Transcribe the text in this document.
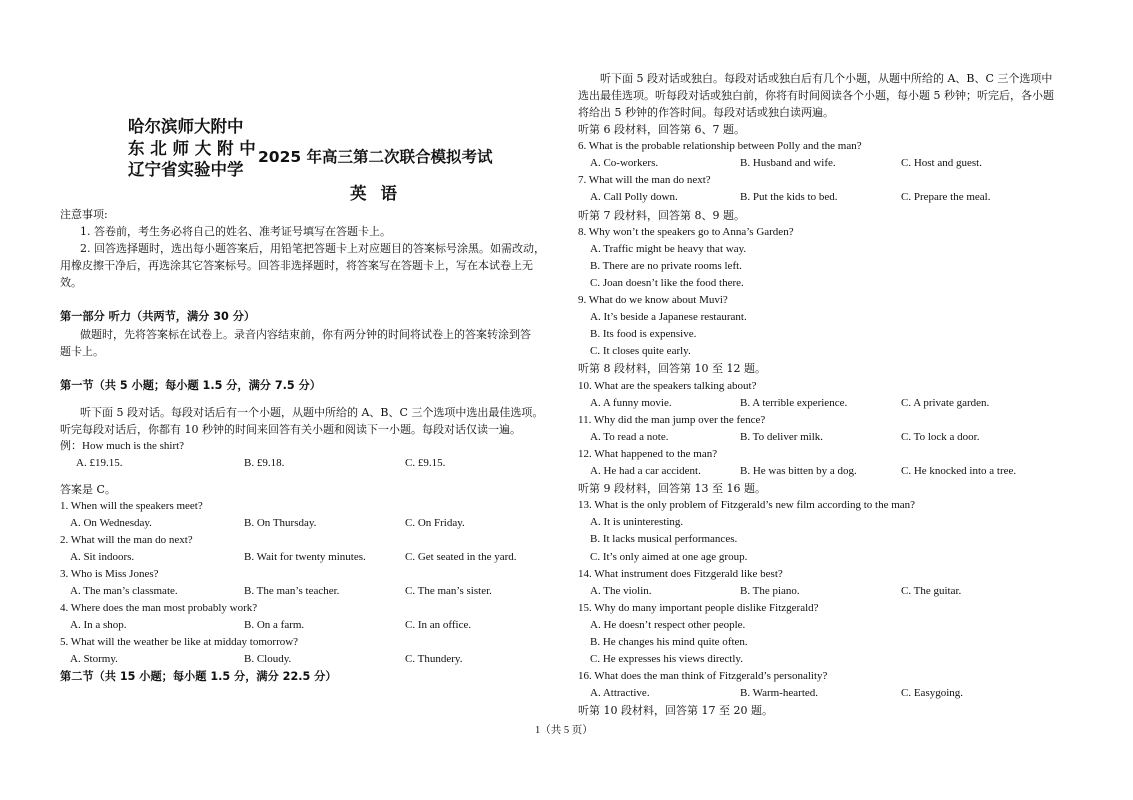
哈尔滨师大附中
东 北 师 大 附 中
辽宁省实验中学
2025 年高三第二次联合模拟考试
英语
注意事项:
1. 答卷前，考生务必将自己的姓名、准考证号填写在答题卡上。
2. 回答选择题时，选出每小题答案后，用铅笔把答题卡上对应题目的答案标号涂黑。如需改动，
用橡皮擦干净后，再选涂其它答案标号。回答非选择题时，将答案写在答题卡上，写在本试卷上无
效。
第一部分 听力（共两节，满分 30 分）
做题时，先将答案标在试卷上。录音内容结束前，你有两分钟的时间将试卷上的答案转涂到答
题卡上。
第一节（共 5 小题；每小题 1.5 分，满分 7.5 分）
听下面 5 段对话。每段对话后有一个小题，从题中所给的 A、B、C 三个选项中选出最佳选项。
听完每段对话后，你都有 10 秒钟的时间来回答有关小题和阅读下一小题。每段对话仅读一遍。
例：How much is the shirt?
A. £19.15.	B. £9.18.	C. £9.15.
答案是 C。
1. When will the speakers meet?
A. On Wednesday.	B. On Thursday.	C. On Friday.
2. What will the man do next?
A. Sit indoors.	B. Wait for twenty minutes.	C. Get seated in the yard.
3. Who is Miss Jones?
A. The man’s classmate.	B. The man’s teacher.	C. The man’s sister.
4. Where does the man most probably work?
A. In a shop.	B. On a farm.	C. In an office.
5. What will the weather be like at midday tomorrow?
A. Stormy.	B. Cloudy.	C. Thundery.
第二节（共 15 小题；每小题 1.5 分，满分 22.5 分）
听下面 5 段对话或独白。每段对话或独白后有几个小题，从题中所给的 A、B、C 三个选项中
选出最佳选项。听每段对话或独白前，你将有时间阅读各个小题，每小题 5 秒钟；听完后，各小题
将给出 5 秒钟的作答时间。每段对话或独白读两遍。
听第 6 段材料，回答第 6、7 题。
6. What is the probable relationship between Polly and the man?
A. Co-workers.	B. Husband and wife.	C. Host and guest.
7. What will the man do next?
A. Call Polly down.	B. Put the kids to bed.	C. Prepare the meal.
听第 7 段材料，回答第 8、9 题。
8. Why won’t the speakers go to Anna’s Garden?
A. Traffic might be heavy that way.
B. There are no private rooms left.
C. Joan doesn’t like the food there.
9. What do we know about Muvi?
A. It’s beside a Japanese restaurant.
B. Its food is expensive.
C. It closes quite early.
听第 8 段材料，回答第 10 至 12 题。
10. What are the speakers talking about?
A. A funny movie.	B. A terrible experience.	C. A private garden.
11. Why did the man jump over the fence?
A. To read a note.	B. To deliver milk.	C. To lock a door.
12. What happened to the man?
A. He had a car accident.	B. He was bitten by a dog.	C. He knocked into a tree.
听第 9 段材料，回答第 13 至 16 题。
13. What is the only problem of Fitzgerald’s new film according to the man?
A. It is uninteresting.
B. It lacks musical performances.
C. It’s only aimed at one age group.
14. What instrument does Fitzgerald like best?
A. The violin.	B. The piano.	C. The guitar.
15. Why do many important people dislike Fitzgerald?
A. He doesn’t respect other people.
B. He changes his mind quite often.
C. He expresses his views directly.
16. What does the man think of Fitzgerald’s personality?
A. Attractive.	B. Warm-hearted.	C. Easygoing.
听第 10 段材料，回答第 17 至 20 题。
1（共 5 页）
